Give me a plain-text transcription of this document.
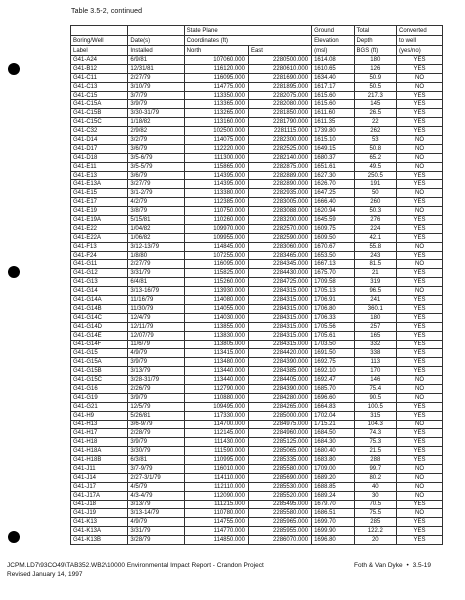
Table 3.5-2, continued
		State Plane		Ground	Total	Converted
Boring/Well	Date(s)	Coordinates (ft)		Elevation	Depth	to well
Label	Installed	North	East	(msl)	BGS (ft)	(yes/no)
G41-A24	6/9/81	107060.000	2280500.000	1614.08	180	YES
G41-B12	12/31/81	116120.000	2280610.000	1610.65	126	YES
G41-C11	2/27/79	116095.000	2281690.000	1634.40	50.9	NO
G41-C13	3/10/79	114775.000	2281895.000	1617.17	50.5	NO
G41-C15	3/7/79	113350.000	2282075.000	1615.60	217.3	YES
G41-C15A	3/9/79	113365.000	2282080.000	1615.60	145	YES
G41-C15B	3/30-31/79	113265.000	2281850.000	1611.60	26.5	YES
G41-C15C	1/18/82	113160.000	2281790.000	1611.35	22	YES
G41-C32	2/9/82	102500.000	2281115.000	1739.80	262	YES
G41-D14	3/2/79	114075.000	2282300.000	1615.10	53	NO
G41-D17	3/6/79	112220.000	2282525.000	1649.15	50.8	NO
G41-D18	3/5-6/79	111300.000	2282140.000	1680.37	65.2	NO
G41-E11	3/5-5/79	115865.000	2282875.000	1651.61	49.5	NO
G41-E13	3/6/79	114395.000	2282889.000	1627.30	250.5	YES
G41-E13A	3/27/79	114395.000	2282890.000	1626.70	191	YES
G41-E15	3/1-2/79	113380.000	2282935.000	1647.25	50	NO
G41-E17	4/2/79	112385.000	2283005.000	1666.40	260	YES
G41-E19	3/8/79	110750.000	2283088.000	1620.94	50.3	NO
G41-E19A	5/15/81	110260.000	2283200.000	1645.59	276	YES
G41-E22	1/04/82	109970.000	2282570.000	1609.75	224	YES
G41-E22A	1/06/82	109955.000	2282590.000	1609.50	42.1	YES
G41-F13	3/12-13/79	114845.000	2283060.000	1670.67	55.8	NO
G41-F24	1/8/80	107255.000	2283465.000	1653.50	243	YES
G41-G11	2/27/79	116095.000	2284345.000	1667.13	81.5	NO
G41-G12	3/31/79	115825.000	2284430.000	1675.70	21	YES
G41-G13	6/4/81	115260.000	2284725.000	1709.58	319	YES
G41-G14	3/13-16/79	113930.000	2284315.000	1705.13	96.5	NO
G41-G14A	11/16/79	114080.000	2284315.000	1706.91	241	YES
G41-G14B	11/30/79	114055.000	2284315.000	1706.80	360.1	YES
G41-G14C	12/4/79	114030.000	2284315.000	1706.33	180	YES
G41-G14D	12/11/79	113855.000	2284315.000	1705.56	257	YES
G41-G14E	12/07/79	113830.000	2284315.000	1705.61	165	YES
G41-G14F	11/6/79	113805.000	2284315.000	1703.50	332	YES
G41-G15	4/9/79	113415.000	2284420.000	1691.50	338	YES
G41-G15A	3/9/79	113480.000	2284390.000	1692.75	113	YES
G41-G15B	3/13/79	113440.000	2284385.000	1692.10	170	YES
G41-G15C	3/28-31/79	113440.000	2284405.000	1692.47	146	NO
G41-G16	2/26/79	112790.000	2284390.000	1685.70	75.4	NO
G41-G19	3/9/79	110880.000	2284280.000	1696.60	90.5	NO
G41-G21	12/5/79	109495.000	2284265.000	1664.83	100.5	YES
G41-H9	5/26/81	117330.000	2285000.000	1702.04	315	YES
G41-H13	3/6-9/79	114700.000	2284975.000	1715.21	104.3	NO
G41-H17	2/28/79	112145.000	2284960.000	1684.50	74.3	YES
G41-H18	3/9/79	111430.000	2285125.000	1684.30	75.3	YES
G41-H18A	3/30/79	111590.000	2285065.000	1680.40	21.5	YES
G41-H18B	6/3/81	110995.000	2285335.000	1683.80	288	YES
G41-J11	3/7-9/79	116010.000	2285580.000	1709.00	99.7	NO
G41-J14	2/27-3/1/79	114110.000	2285690.000	1689.20	80.2	NO
G41-J17	4/5/79	112110.000	2285530.000	1688.85	40	NO
G41-J17A	4/3-4/79	112090.000	2285520.000	1689.24	30	NO
G41-J18	3/13/79	111215.000	2285495.000	1679.70	70.5	YES
G41-J19	3/13-14/79	110780.000	2285580.000	1686.51	75.5	NO
G41-K13	4/9/79	114755.000	2285965.000	1699.70	285	YES
G41-K13A	3/31/79	114770.000	2285955.000	1699.90	122.2	YES
G41-K13B	3/28/79	114850.000	2286070.000	1696.80	20	YES
JCPM.LD7\93CO49\TAB352.WB2\10000 Environmental Impact Report - Crandon Project
Revised January 14, 1997
Foth & Van Dyke • 3.5-19
